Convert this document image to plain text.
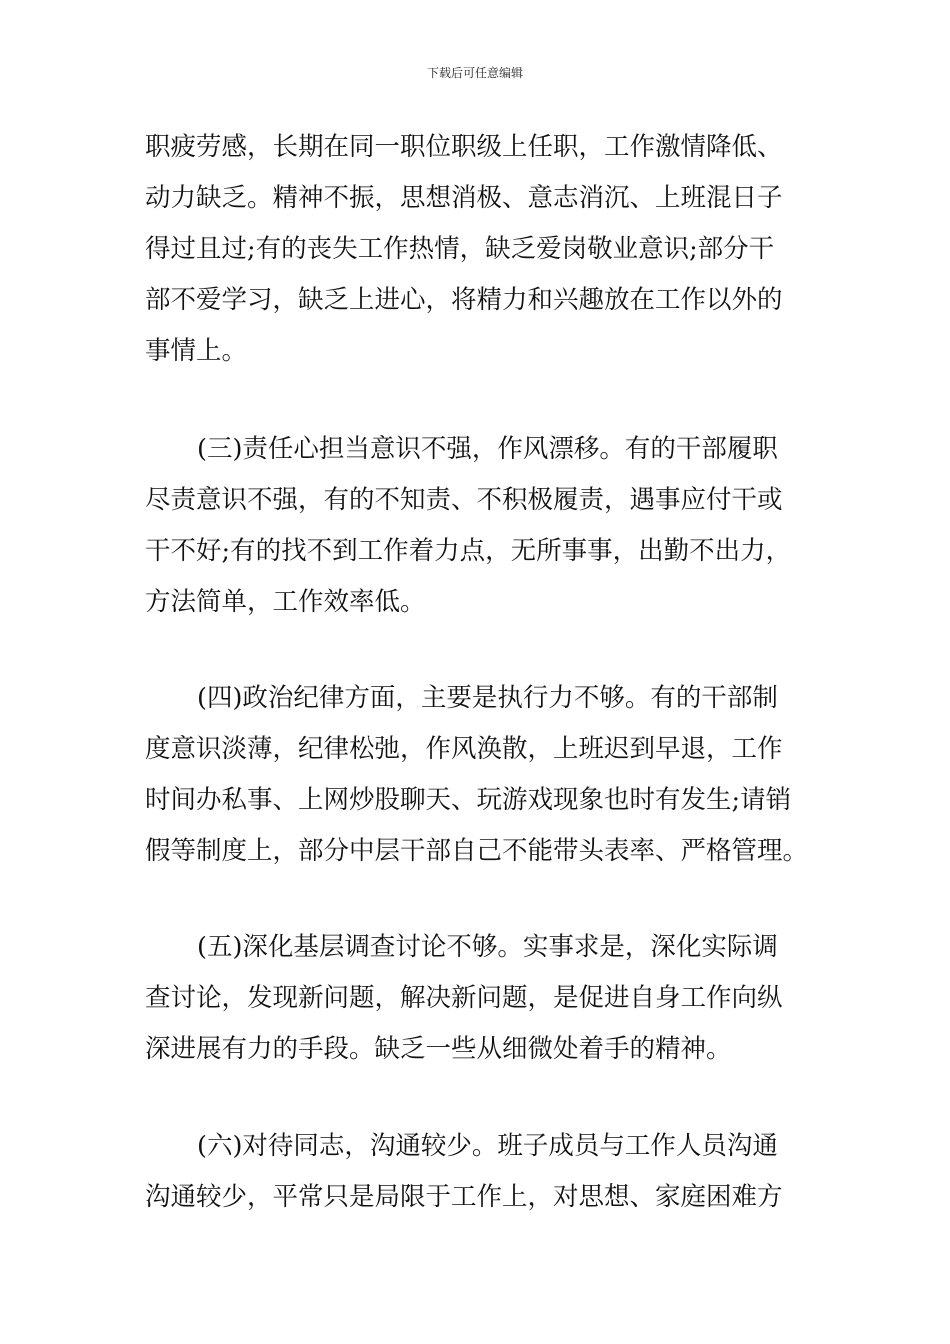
下载后可任意编辑
职疲劳感，长期在同一职位职级上任职，工作激情降低、
动力缺乏。精神不振，思想消极、意志消沉、上班混日子
得过且过;有的丧失工作热情，缺乏爱岗敬业意识;部分干
部不爱学习，缺乏上进心，将精力和兴趣放在工作以外的
事情上。
(三)责任心担当意识不强，作风漂移。有的干部履职
尽责意识不强，有的不知责、不积极履责，遇事应付干或
干不好;有的找不到工作着力点，无所事事，出勤不出力，
方法简单，工作效率低。
(四)政治纪律方面，主要是执行力不够。有的干部制
度意识淡薄，纪律松弛，作风涣散，上班迟到早退，工作
时间办私事、上网炒股聊天、玩游戏现象也时有发生;请销
假等制度上，部分中层干部自己不能带头表率、严格管理。
(五)深化基层调查讨论不够。实事求是，深化实际调
查讨论，发现新问题，解决新问题，是促进自身工作向纵
深进展有力的手段。缺乏一些从细微处着手的精神。
(六)对待同志，沟通较少。班子成员与工作人员沟通
沟通较少，平常只是局限于工作上，对思想、家庭困难方
